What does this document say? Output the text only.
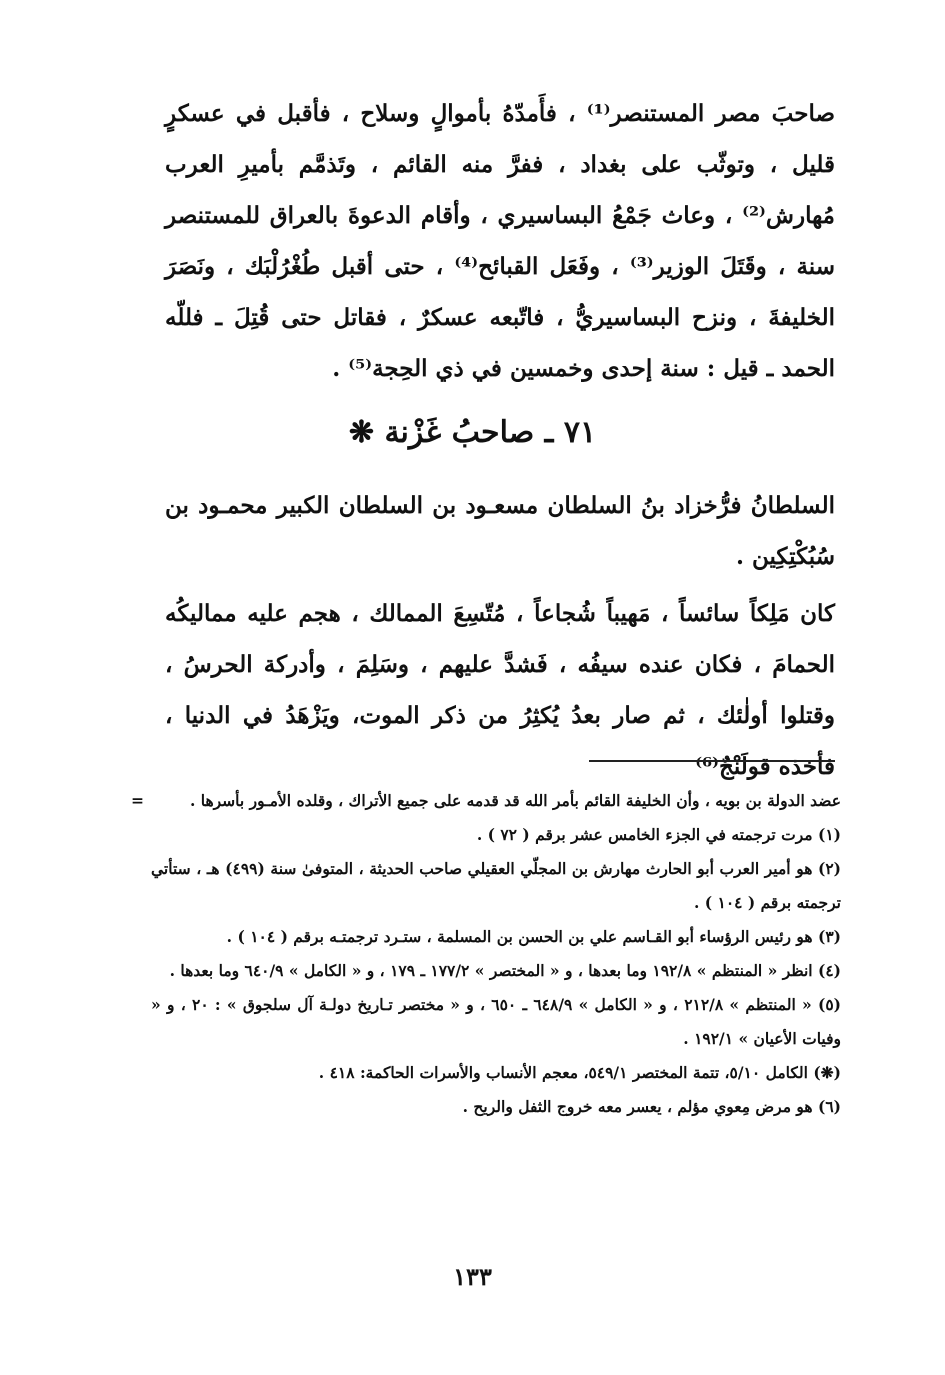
صاحبَ مصر المستنصر⁽¹⁾ ، فأَمدّهُ بأموالٍ وسلاح ، فأقبل في عسكرٍ قليل ، وتوثّب على بغداد ، ففرَّ منه القائم ، وتَذمَّم بأميرِ العرب مُهارش⁽²⁾ ، وعاث جَمْعُ البساسيري ، وأقام الدعوةَ بالعراق للمستنصر سنة ، وقَتَلَ الوزير⁽³⁾ ، وفَعَل القبائح⁽⁴⁾ ، حتى أقبل طُغْرُلْبَك ، ونَصَرَ الخليفةَ ، ونزح البساسيريُّ ، فاتّبعه عسكرٌ ، فقاتل حتى قُتِلَ ـ فللّه الحمد ـ قيل : سنة إحدى وخمسين في ذي الحِجة⁽⁵⁾ .

٧١ ـ صاحبُ غَزْنة ❋

السلطانُ فرُّخزاد بنُ السلطان مسعـود بن السلطان الكبير محمـود بن سُبُكْتِكِين .

كان مَلِكاً سائساً ، مَهيباً شُجاعاً ، مُتّسِعَ الممالك ، هجم عليه مماليكُه الحمامَ ، فكان عنده سيفُه ، فَشدَّ عليهم ، وسَلِمَ ، وأدركة الحرسُ ، وقتلوا أولٰئك ، ثم صار بعدُ يُكثِرُ من ذكر الموت، ويَزْهَدُ في الدنيا ، فأخذه قولَنْجٌ⁽⁶⁾

=	عضد الدولة بن بويه ، وأن الخليفة القائم بأمر الله قد قدمه على جميع الأتراك ، وقلده الأمـور بأسرها .

(١) مرت ترجمته في الجزء الخامس عشر برقم ( ٧٢ ) .

(٢) هو أمير العرب أبو الحارث مهارش بن المجلّي العقيلي صاحب الحديثة ، المتوفىٰ سنة (٤٩٩) هـ ، ستأتي ترجمته برقم ( ١٠٤ ) .

(٣) هو رئيس الرؤساء أبو القـاسم علي بن الحسن بن المسلمة ، ستـرد ترجمتـه برقم ( ١٠٤ ) .

(٤) انظر « المنتظم » ١٩٢/٨ وما بعدها ، و « المختصر » ١٧٧/٢ ـ ١٧٩ ، و « الكامل » ٦٤٠/٩ وما بعدها .

(٥) « المنتظم » ٢١٢/٨ ، و « الكامل » ٦٤٨/٩ ـ ٦٥٠ ، و « مختصر تـاريخ دولـة آل سلجوق » : ٢٠ ، و « وفيات الأعيان » ١٩٢/١ .

(❋) الكامل ٥/١٠، تتمة المختصر ٥٤٩/١، معجم الأنساب والأسرات الحاكمة: ٤١٨ .

(٦) هو مرض مِعوي مؤلم ، يعسر معه خروج الثفل والريح .

١٣٣
